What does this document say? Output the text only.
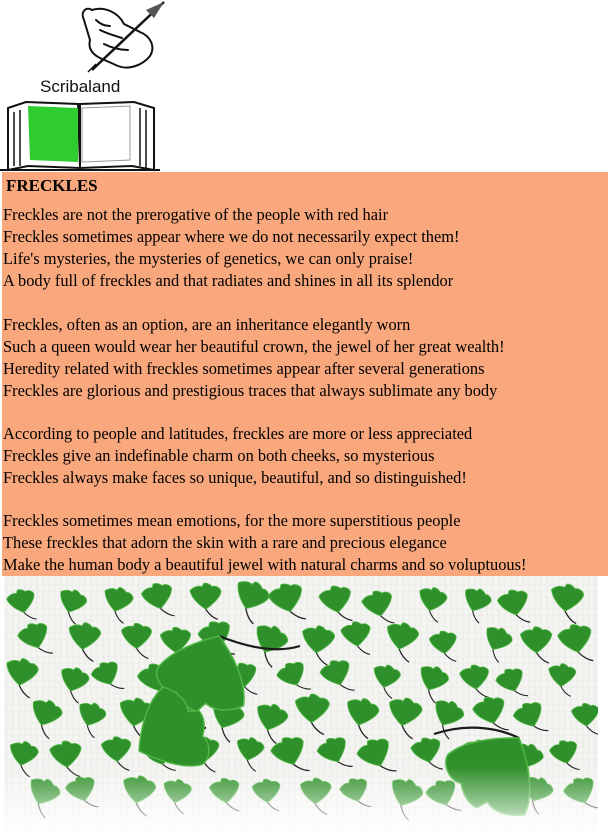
Scribaland
FRECKLES
Freckles are not the prerogative of the people with red hair
Freckles sometimes appear where we do not necessarily expect them!
Life's mysteries, the mysteries of genetics, we can only praise!
A body full of freckles and that radiates and shines in all its splendor
Freckles, often as an option, are an inheritance elegantly worn
Such a queen would wear her beautiful crown, the jewel of her great wealth!
Heredity related with freckles sometimes appear after several generations
Freckles are glorious and prestigious traces that always sublimate any body
According to people and latitudes, freckles are more or less appreciated
Freckles give an indefinable charm on both cheeks, so mysterious
Freckles always make faces so unique, beautiful, and so distinguished!
Freckles sometimes mean emotions, for the more superstitious people
These freckles that adorn the skin with a rare and precious elegance
Make the human body a beautiful jewel with natural charms and so voluptuous!
